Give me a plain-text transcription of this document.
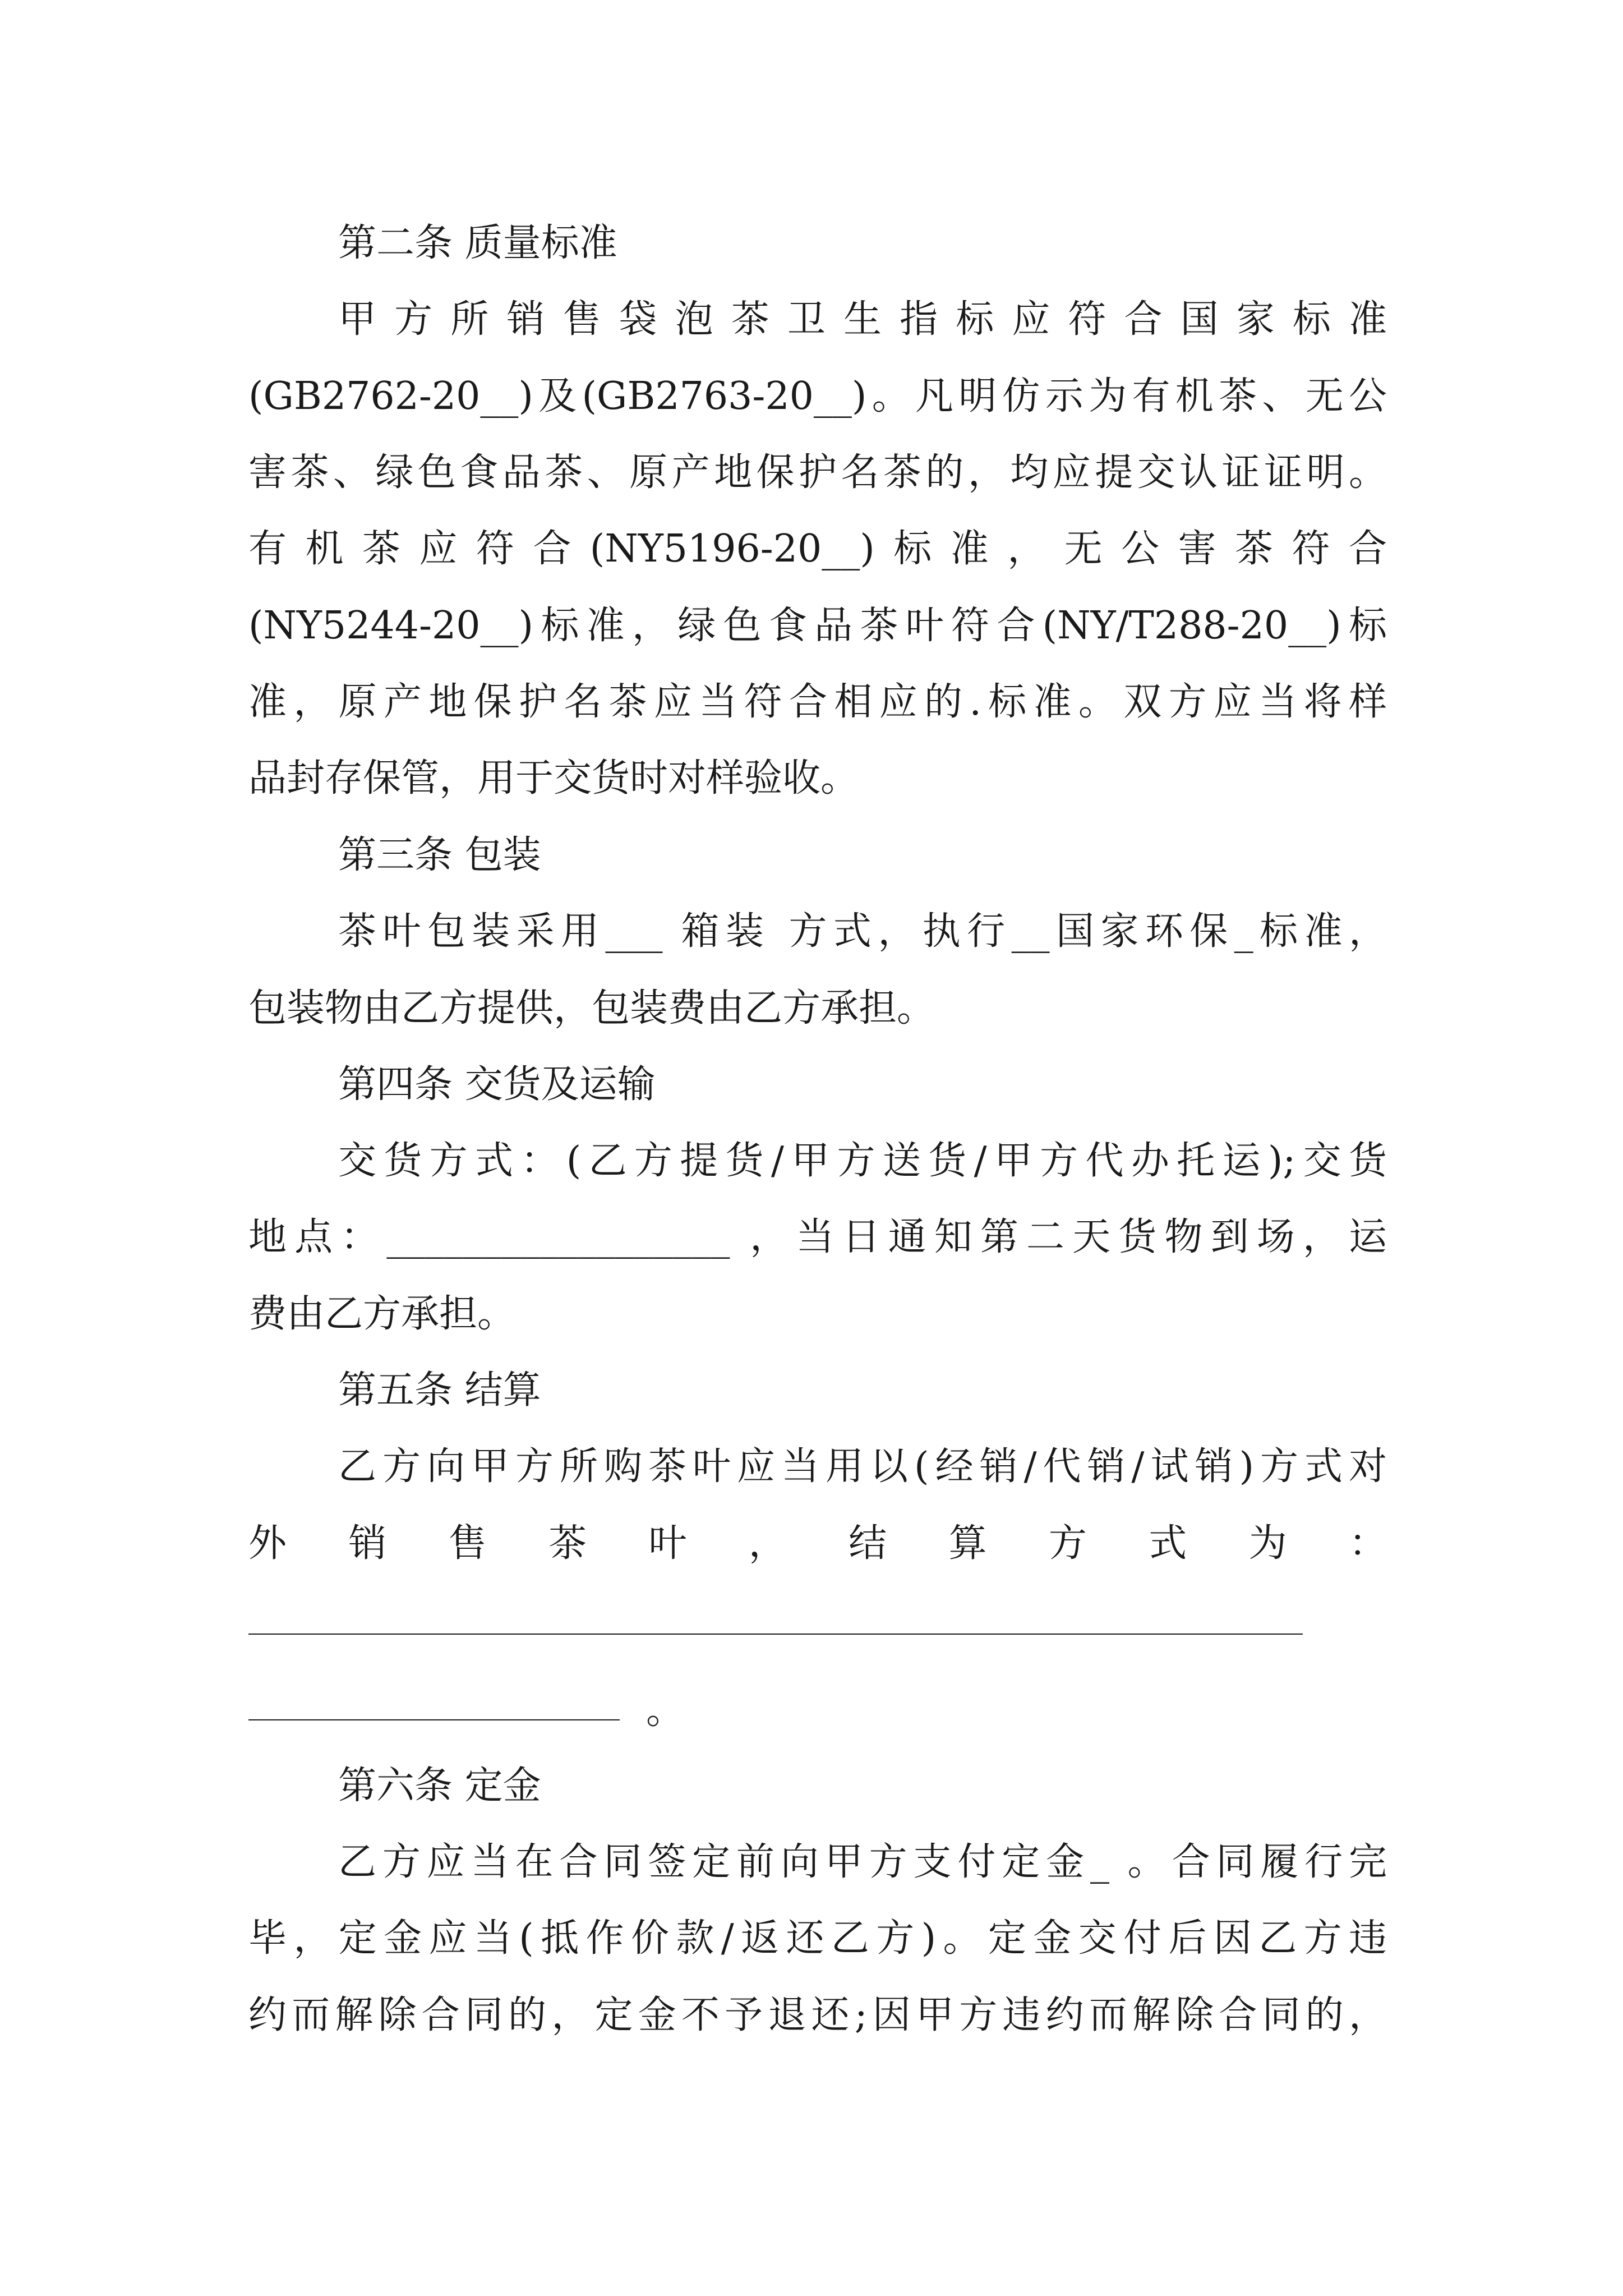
第二条 质量标准
甲方所销售袋泡茶卫生指标应符合国家标准
(GB2762-20__)及(GB2763-20__)。凡明仿示为有机茶、无公
害茶、绿色食品茶、原产地保护名茶的，均应提交认证证明。
有机茶应符合(NY5196-20__)标准，无公害茶符合
(NY5244-20__)标准，绿色食品茶叶符合(NY/T288-20__)标
准，原产地保护名茶应当符合相应的.标准。双方应当将样
品封存保管，用于交货时对样验收。
第三条 包装
茶叶包装采用___ 箱装 方式，执行__国家环保_标准，
包装物由乙方提供，包装费由乙方承担。
第四条 交货及运输
交货方式：(乙方提货/甲方送货/甲方代办托运);交货
地点：__________________ ，当日通知第二天货物到场，运
费由乙方承担。
第五条 结算
乙方向甲方所购茶叶应当用以(经销/代销/试销)方式对
外销售茶叶，结算方式为：
。
第六条 定金
乙方应当在合同签定前向甲方支付定金_ 。合同履行完
毕，定金应当(抵作价款/返还乙方)。定金交付后因乙方违
约而解除合同的，定金不予退还;因甲方违约而解除合同的，
